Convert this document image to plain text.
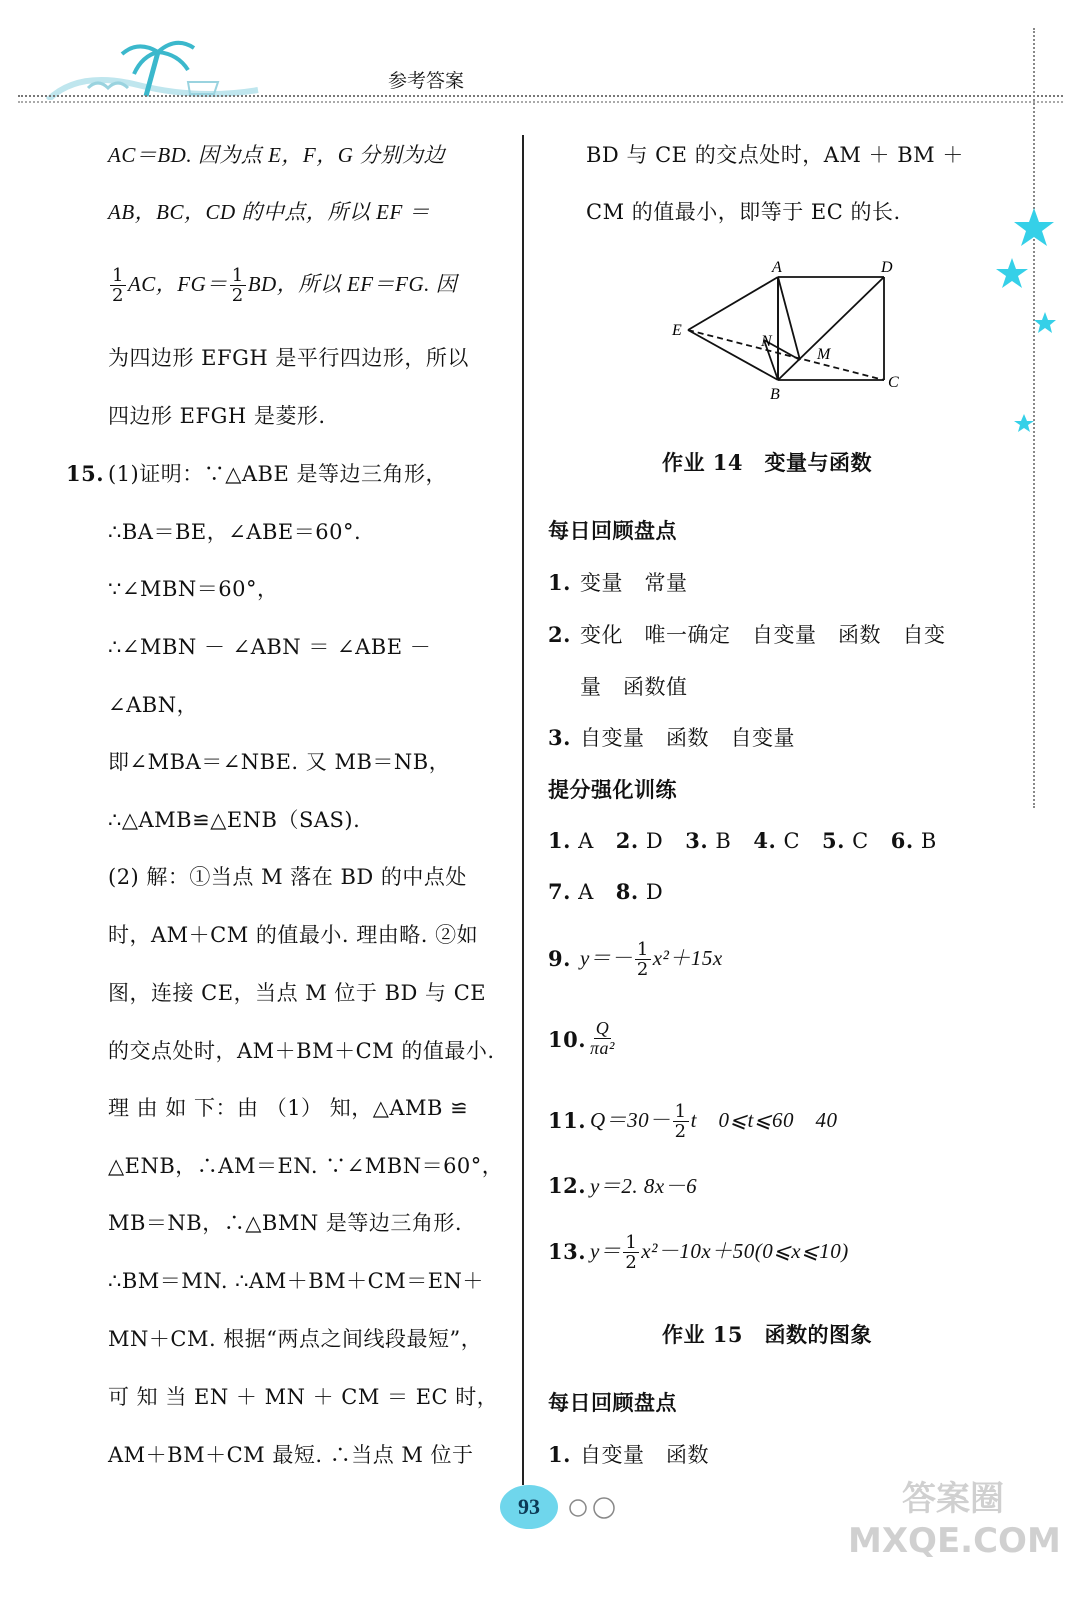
参考答案
AC＝BD. 因为点 E，F，G 分别为边
AB，BC，CD 的中点，所以 EF ＝
$\frac{1}{2}$ AC，$FG= \frac{1}{2}$ BD，所以 EF＝FG. 因
为四边形 EFGH 是平行四边形，所以
四边形 EFGH 是菱形.
15. (1)证明：∵△ABE 是等边三角形，
∴BA＝BE，∠ABE＝60°.
∵∠MBN＝60°，
∴∠MBN － ∠ABN ＝ ∠ABE －
∠ABN，
即∠MBA＝∠NBE. 又 MB＝NB，
∴△AMB≌△ENB（SAS).
(2) 解：①当点 M 落在 BD 的中点处
时，AM＋CM 的值最小. 理由略. ②如
图，连接 CE，当点 M 位于 BD 与 CE
的交点处时，AM＋BM＋CM 的值最小.
理 由 如 下：由 （1） 知，△AMB ≌
△ENB，∴AM＝EN. ∵∠MBN＝60°，
MB＝NB，∴△BMN 是等边三角形.
∴BM＝MN. ∴AM＋BM＋CM＝EN＋
MN＋CM. 根据“两点之间线段最短”，
可 知 当 EN ＋ MN ＋ CM ＝ EC 时，
AM＋BM＋CM 最短. ∴当点 M 位于
BD 与 CE 的交点处时，AM ＋ BM ＋
CM 的值最小，即等于 EC 的长.
A	D
E
N
M
B
C
作业 14　变量与函数
每日回顾盘点
1. 变量　常量
2. 变化　唯一确定　自变量　函数　自变
量　函数值
3. 自变量　函数　自变量
提分强化训练
1. A 2. D 3. B 4. C 5. C 6. B
7. A 8. D
9. $y=- \frac{1}{2} x^2+15x$
10. $\frac{Q}{\text{πa²}}$
11. $Q=30- \frac{1}{2}$ t　0⩽t⩽60　40
12. y＝2. 8x－6
13. $y= \frac{1}{2}$ x²－10x＋50(0⩽x⩽10)
作业 15　函数的图象
每日回顾盘点
1. 自变量　函数
93	答案圈 MXQE.COM
